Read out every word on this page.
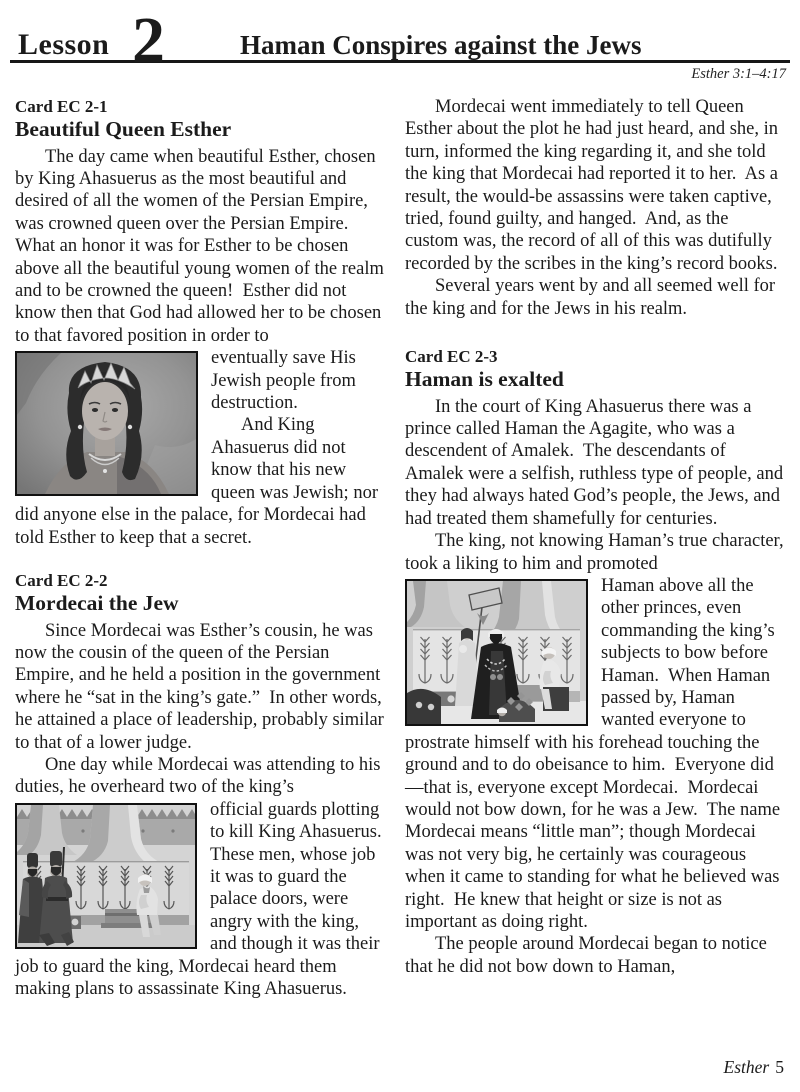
Lesson 2	Haman Conspires against the Jews
Esther 3:1–4:17
Card EC 2-1
Beautiful Queen Esther

The day came when beautiful Esther, chosen by King Ahasuerus as the most beautiful and desired of all the women of the Persian Empire, was crowned queen over the Persian Empire.  What an honor it was for Esther to be chosen above all the beautiful young women of the realm and to be crowned the queen!  Esther did not know then that God had allowed her to be chosen to that favored position in order to

eventually save His Jewish people from destruction.

And King Ahasuerus did not know that his new queen was Jewish; nor did anyone else in the palace, for Mordecai had told Esther to keep that a secret.

Card EC 2-2
Mordecai the Jew

Since Mordecai was Esther’s cousin, he was now the cousin of the queen of the Persian Empire, and he held a position in the government where he “sat in the king’s gate.”  In other words, he attained a place of leadership, probably similar to that of a lower judge.

One day while Mordecai was attending to his duties, he overheard two of the king’s

official guards plotting to kill King Ahasuerus.  These men, whose job it was to guard the palace doors, were angry with the king, and though it was their job to guard the king, Mordecai heard them making plans to assassinate King Ahasuerus.

Mordecai went immediately to tell Queen Esther about the plot he had just heard, and she, in turn, informed the king regarding it, and she told the king that Mordecai had reported it to her.  As a result, the would-be assassins were taken captive, tried, found guilty, and hanged.  And, as the custom was, the record of all of this was dutifully recorded by the scribes in the king’s record books.

Several years went by and all seemed well for the king and for the Jews in his realm.

Card EC 2-3
Haman is exalted

In the court of King Ahasuerus there was a prince called Haman the Agagite, who was a descendent of Amalek.  The descendants of Amalek were a selfish, ruthless type of people, and they had always hated God’s people, the Jews, and had treated them shamefully for centuries.

The king, not knowing Haman’s true character, took a liking to him and promoted

Haman above all the other princes, even commanding the king’s subjects to bow before Haman.  When Haman passed by, Haman wanted everyone to prostrate himself with his forehead touching the ground and to do obeisance to him.  Everyone did—that is, everyone except Mordecai.  Mordecai would not bow down, for he was a Jew.  The name Mordecai means “little man”; though Mordecai was not very big, he certainly was courageous when it came to standing for what he believed was right.  He knew that height or size is not as important as doing right.

The people around Mordecai began to notice that he did not bow down to Haman,

Esther 5
